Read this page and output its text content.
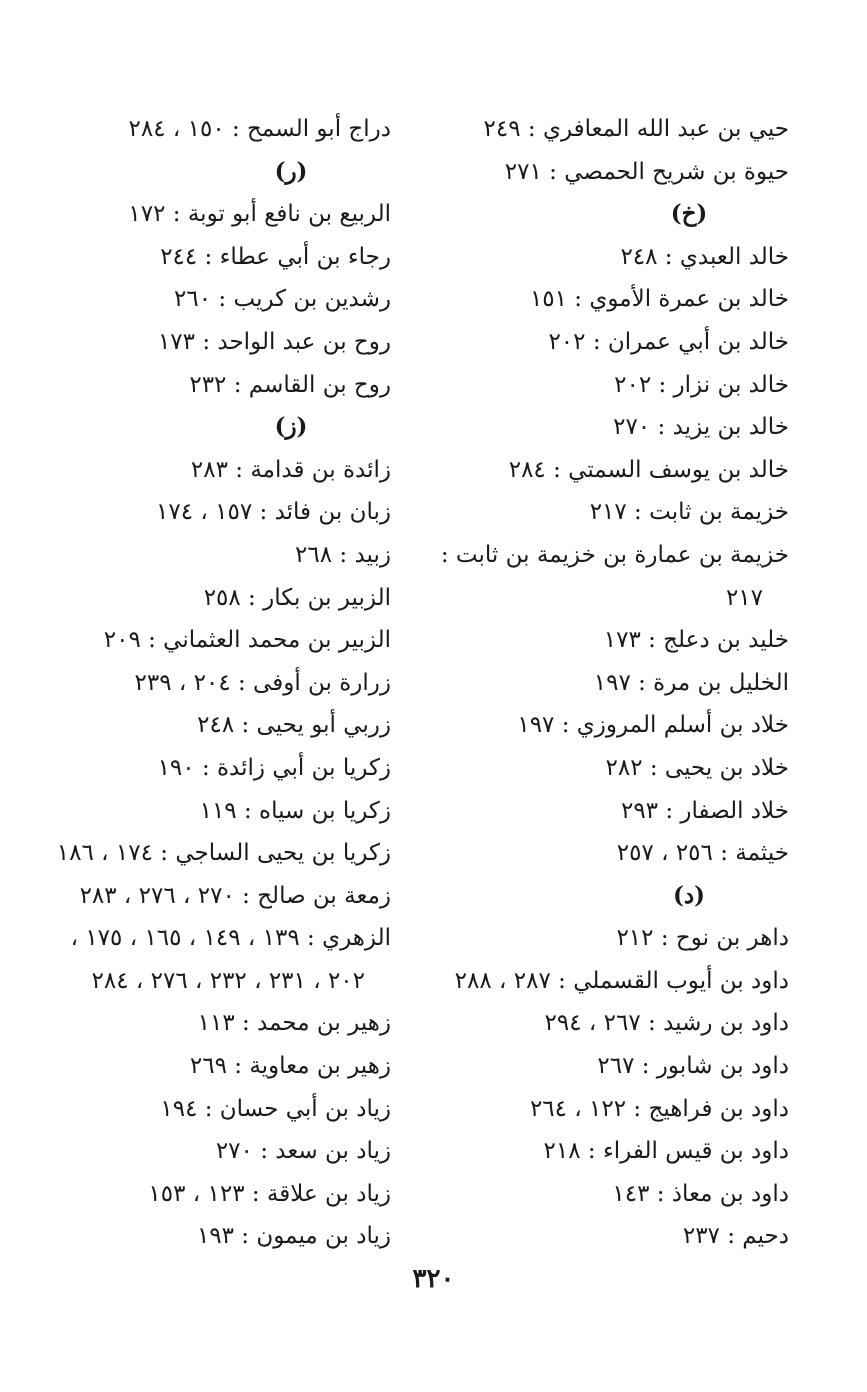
حيي بن عبد الله المعافري : ٢٤٩
حيوة بن شريح الحمصي : ٢٧١
(خ)
خالد العبدي : ٢٤٨
خالد بن عمرة الأموي : ١٥١
خالد بن أبي عمران : ٢٠٢
خالد بن نزار : ٢٠٢
خالد بن يزيد : ٢٧٠
خالد بن يوسف السمتي : ٢٨٤
خزيمة بن ثابت : ٢١٧
خزيمة بن عمارة بن خزيمة بن ثابت :
٢١٧
خليد بن دعلج : ١٧٣
الخليل بن مرة : ١٩٧
خلاد بن أسلم المروزي : ١٩٧
خلاد بن يحيى : ٢٨٢
خلاد الصفار : ٢٩٣
خيثمة : ٢٥٦ ، ٢٥٧
(د)
داهر بن نوح : ٢١٢
داود بن أيوب القسملي : ٢٨٧ ، ٢٨٨
داود بن رشيد : ٢٦٧ ، ٢٩٤
داود بن شابور : ٢٦٧
داود بن فراهيج : ١٢٢ ، ٢٦٤
داود بن قيس الفراء : ٢١٨
داود بن معاذ : ١٤٣
دحيم : ٢٣٧
دراج أبو السمح : ١٥٠ ، ٢٨٤
(ر)
الربيع بن نافع أبو توبة : ١٧٢
رجاء بن أبي عطاء : ٢٤٤
رشدين بن كريب : ٢٦٠
روح بن عبد الواحد : ١٧٣
روح بن القاسم : ٢٣٢
(ز)
زائدة بن قدامة : ٢٨٣
زبان بن فائد : ١٥٧ ، ١٧٤
زبيد : ٢٦٨
الزبير بن بكار : ٢٥٨
الزبير بن محمد العثماني : ٢٠٩
زرارة بن أوفى : ٢٠٤ ، ٢٣٩
زربي أبو يحيى : ٢٤٨
زكريا بن أبي زائدة : ١٩٠
زكريا بن سياه : ١١٩
زكريا بن يحيى الساجي : ١٧٤ ، ١٨٦
زمعة بن صالح : ٢٧٠ ، ٢٧٦ ، ٢٨٣
الزهري : ١٣٩ ، ١٤٩ ، ١٦٥ ، ١٧٥ ،
٢٠٢ ، ٢٣١ ، ٢٣٢ ، ٢٧٦ ، ٢٨٤
زهير بن محمد : ١١٣
زهير بن معاوية : ٢٦٩
زياد بن أبي حسان : ١٩٤
زياد بن سعد : ٢٧٠
زياد بن علاقة : ١٢٣ ، ١٥٣
زياد بن ميمون : ١٩٣
٣٢٠
